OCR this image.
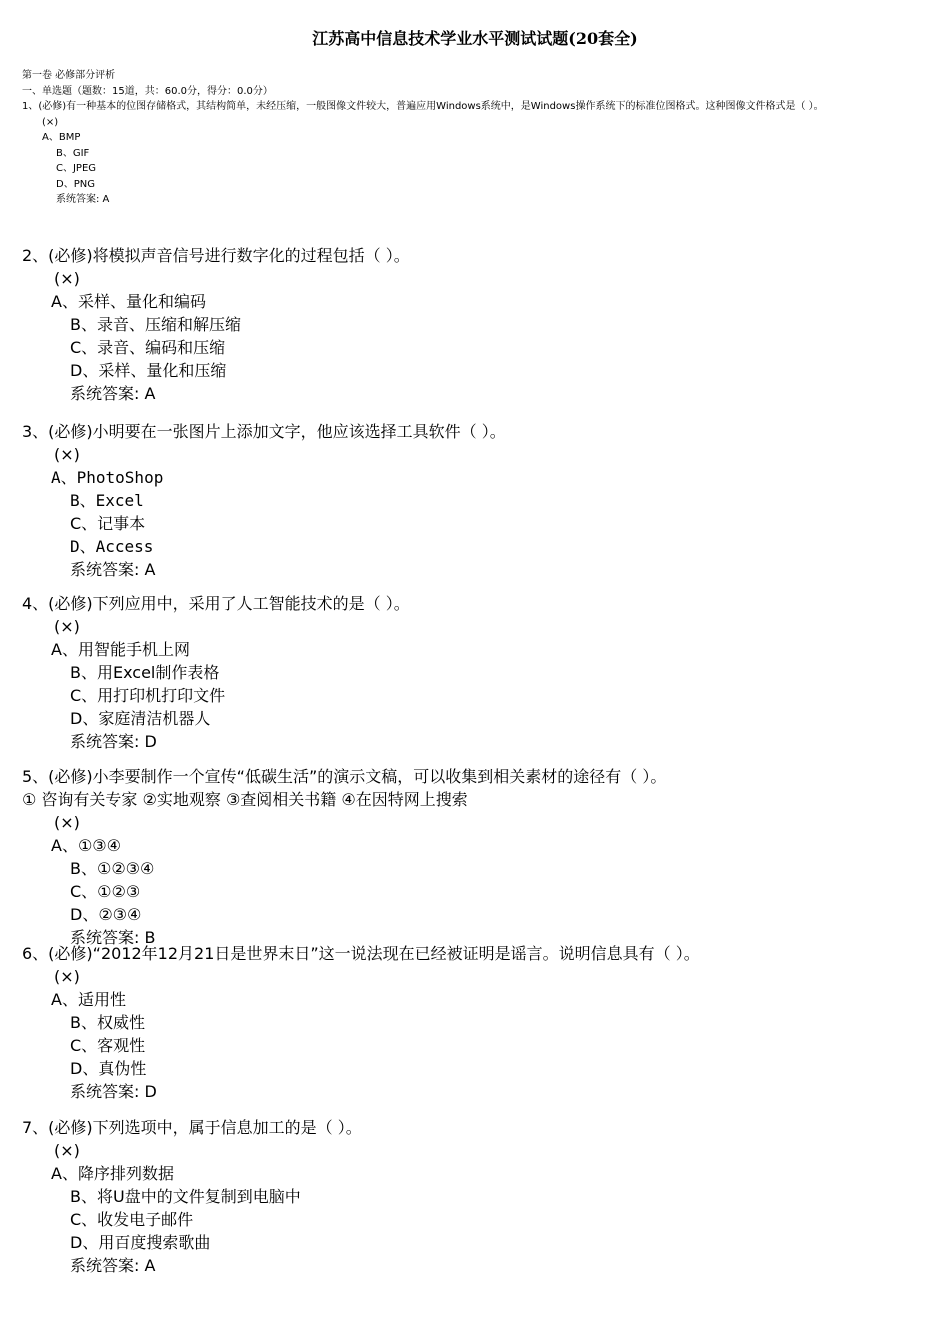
江苏高中信息技术学业水平测试试题(20套全)
第一卷 必修部分评析
一、单选题（题数：15道，共：60.0分，得分：0.0分）
1、(必修)有一种基本的位图存储格式，其结构简单，未经压缩，一般图像文件较大，普遍应用Windows系统中，是Windows操作系统下的标准位图格式。这种图像文件格式是（ ）。
(×)
A、BMP
B、GIF
C、JPEG
D、PNG
系统答案: A
2、(必修)将模拟声音信号进行数字化的过程包括（ ）。
(×)
A、采样、量化和编码
B、录音、压缩和解压缩
C、录音、编码和压缩
D、采样、量化和压缩
系统答案: A
3、(必修)小明要在一张图片上添加文字，他应该选择工具软件（ ）。
(×)
A、PhotoShop
B、Excel
C、记事本
D、Access
系统答案: A
4、(必修)下列应用中，采用了人工智能技术的是（ ）。
(×)
A、用智能手机上网
B、用Excel制作表格
C、用打印机打印文件
D、家庭清洁机器人
系统答案: D
5、(必修)小李要制作一个宣传“低碳生活”的演示文稿，可以收集到相关素材的途径有（ ）。
① 咨询有关专家 ②实地观察 ③查阅相关书籍 ④在因特网上搜索
(×)
A、①③④
B、①②③④
C、①②③
D、②③④
系统答案: B
6、(必修)“2012年12月21日是世界末日”这一说法现在已经被证明是谣言。说明信息具有（ ）。
(×)
A、适用性
B、权威性
C、客观性
D、真伪性
系统答案: D
7、(必修)下列选项中，属于信息加工的是（ ）。
(×)
A、降序排列数据
B、将U盘中的文件复制到电脑中
C、收发电子邮件
D、用百度搜索歌曲
系统答案: A
